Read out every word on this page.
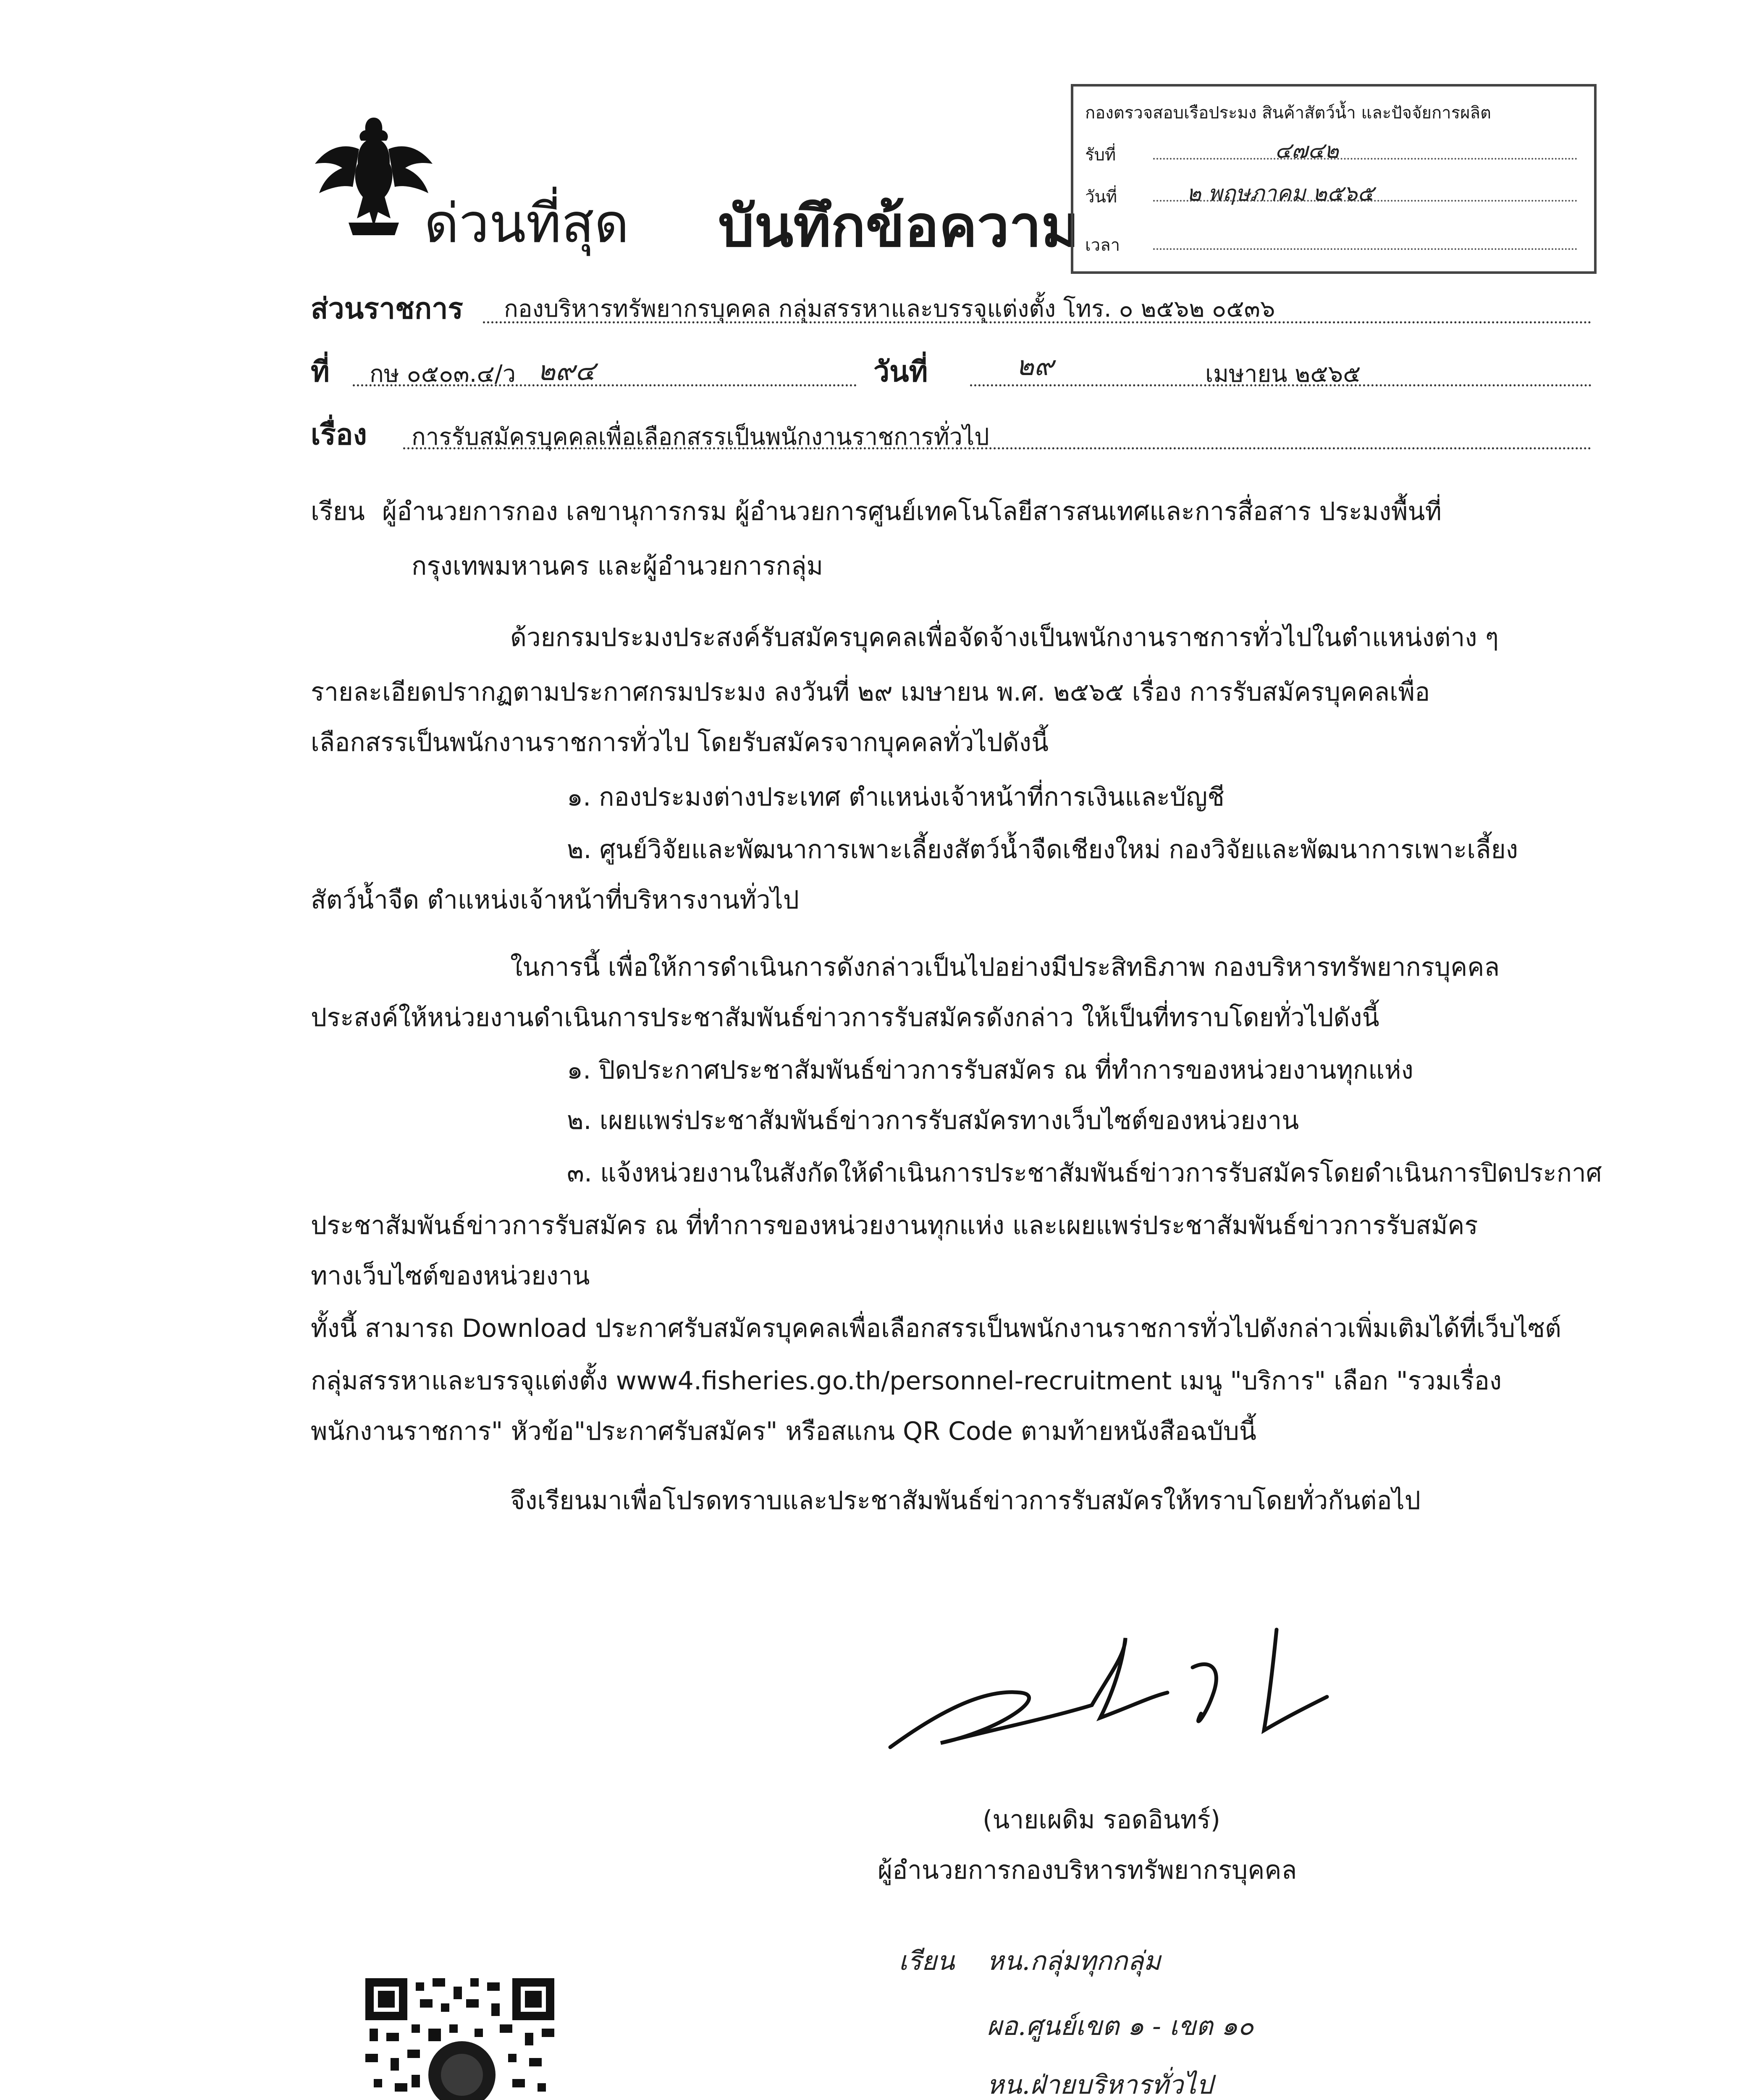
ด่วนที่สุด บันทึกข้อความ
กองตรวจสอบเรือประมง สินค้าสัตว์น้ำ และปัจจัยการผลิต
รับที่	๔๗๔๒
วันที่	๒ พฤษภาคม ๒๕๖๕
เวลา
ส่วนราชการ กองบริหารทรัพยากรบุคคล กลุ่มสรรหาและบรรจุแต่งตั้ง โทร. ๐ ๒๕๖๒ ๐๕๓๖
ที่ กษ ๐๕๐๓.๔/ว ๒๙๔	วันที่	๒๙	เมษายน ๒๕๖๕
เรื่อง การรับสมัครบุคคลเพื่อเลือกสรรเป็นพนักงานราชการทั่วไป
เรียน ผู้อำนวยการกอง เลขานุการกรม ผู้อำนวยการศูนย์เทคโนโลยีสารสนเทศและการสื่อสาร ประมงพื้นที่
กรุงเทพมหานคร และผู้อำนวยการกลุ่ม
ด้วยกรมประมงประสงค์รับสมัครบุคคลเพื่อจัดจ้างเป็นพนักงานราชการทั่วไปในตำแหน่งต่าง ๆ
รายละเอียดปรากฏตามประกาศกรมประมง ลงวันที่ ๒๙ เมษายน พ.ศ. ๒๕๖๕ เรื่อง การรับสมัครบุคคลเพื่อ
เลือกสรรเป็นพนักงานราชการทั่วไป โดยรับสมัครจากบุคคลทั่วไปดังนี้
๑. กองประมงต่างประเทศ ตำแหน่งเจ้าหน้าที่การเงินและบัญชี
๒. ศูนย์วิจัยและพัฒนาการเพาะเลี้ยงสัตว์น้ำจืดเชียงใหม่ กองวิจัยและพัฒนาการเพาะเลี้ยง
สัตว์น้ำจืด ตำแหน่งเจ้าหน้าที่บริหารงานทั่วไป
ในการนี้ เพื่อให้การดำเนินการดังกล่าวเป็นไปอย่างมีประสิทธิภาพ กองบริหารทรัพยากรบุคคล
ประสงค์ให้หน่วยงานดำเนินการประชาสัมพันธ์ข่าวการรับสมัครดังกล่าว ให้เป็นที่ทราบโดยทั่วไปดังนี้
๑. ปิดประกาศประชาสัมพันธ์ข่าวการรับสมัคร ณ ที่ทำการของหน่วยงานทุกแห่ง
๒. เผยแพร่ประชาสัมพันธ์ข่าวการรับสมัครทางเว็บไซต์ของหน่วยงาน
๓. แจ้งหน่วยงานในสังกัดให้ดำเนินการประชาสัมพันธ์ข่าวการรับสมัครโดยดำเนินการปิดประกาศ
ประชาสัมพันธ์ข่าวการรับสมัคร ณ ที่ทำการของหน่วยงานทุกแห่ง และเผยแพร่ประชาสัมพันธ์ข่าวการรับสมัคร
ทางเว็บไซต์ของหน่วยงาน
ทั้งนี้ สามารถ Download ประกาศรับสมัครบุคคลเพื่อเลือกสรรเป็นพนักงานราชการทั่วไปดังกล่าวเพิ่มเติมได้ที่เว็บไซต์
กลุ่มสรรหาและบรรจุแต่งตั้ง www4.fisheries.go.th/personnel-recruitment เมนู "บริการ" เลือก "รวมเรื่อง
พนักงานราชการ" หัวข้อ"ประกาศรับสมัคร" หรือสแกน QR Code ตามท้ายหนังสือฉบับนี้
จึงเรียนมาเพื่อโปรดทราบและประชาสัมพันธ์ข่าวการรับสมัครให้ทราบโดยทั่วกันต่อไป
(นายเผดิม รอดอินทร์)
ผู้อำนวยการกองบริหารทรัพยากรบุคคล
เรียน หน.กลุ่มทุกกลุ่ม
ผอ.ศูนย์เขต ๑ - เขต ๑๐
หน.ฝ่ายบริหารทั่วไป
